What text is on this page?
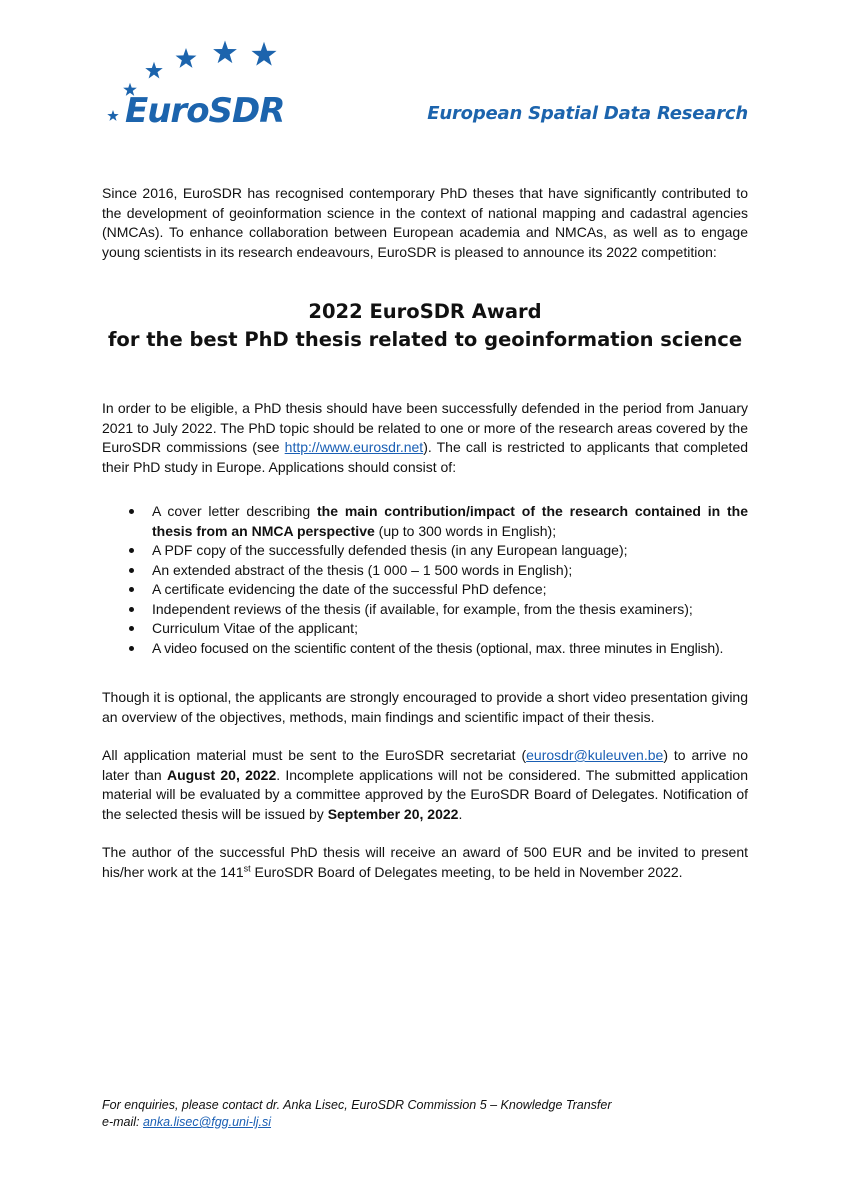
EuroSDR	European Spatial Data Research

Since 2016, EuroSDR has recognised contemporary PhD theses that have significantly contributed to the development of geoinformation science in the context of national mapping and cadastral agencies (NMCAs). To enhance collaboration between European academia and NMCAs, as well as to engage young scientists in its research endeavours, EuroSDR is pleased to announce its 2022 competition:

2022 EuroSDR Award
for the best PhD thesis related to geoinformation science

In order to be eligible, a PhD thesis should have been successfully defended in the period from January 2021 to July 2022. The PhD topic should be related to one or more of the research areas covered by the EuroSDR commissions (see http://www.eurosdr.net). The call is restricted to applicants that completed their PhD study in Europe. Applications should consist of:

A cover letter describing the main contribution/impact of the research contained in the thesis from an NMCA perspective (up to 300 words in English);
A PDF copy of the successfully defended thesis (in any European language);
An extended abstract of the thesis (1 000 – 1 500 words in English);
A certificate evidencing the date of the successful PhD defence;
Independent reviews of the thesis (if available, for example, from the thesis examiners);
Curriculum Vitae of the applicant;
A video focused on the scientific content of the thesis (optional, max. three minutes in English).

Though it is optional, the applicants are strongly encouraged to provide a short video presentation giving an overview of the objectives, methods, main findings and scientific impact of their thesis.

All application material must be sent to the EuroSDR secretariat (eurosdr@kuleuven.be) to arrive no later than August 20, 2022. Incomplete applications will not be considered. The submitted application material will be evaluated by a committee approved by the EuroSDR Board of Delegates. Notification of the selected thesis will be issued by September 20, 2022.

The author of the successful PhD thesis will receive an award of 500 EUR and be invited to present his/her work at the 141st EuroSDR Board of Delegates meeting, to be held in November 2022.

For enquiries, please contact dr. Anka Lisec, EuroSDR Commission 5 – Knowledge Transfer
e-mail: anka.lisec@fgg.uni-lj.si
